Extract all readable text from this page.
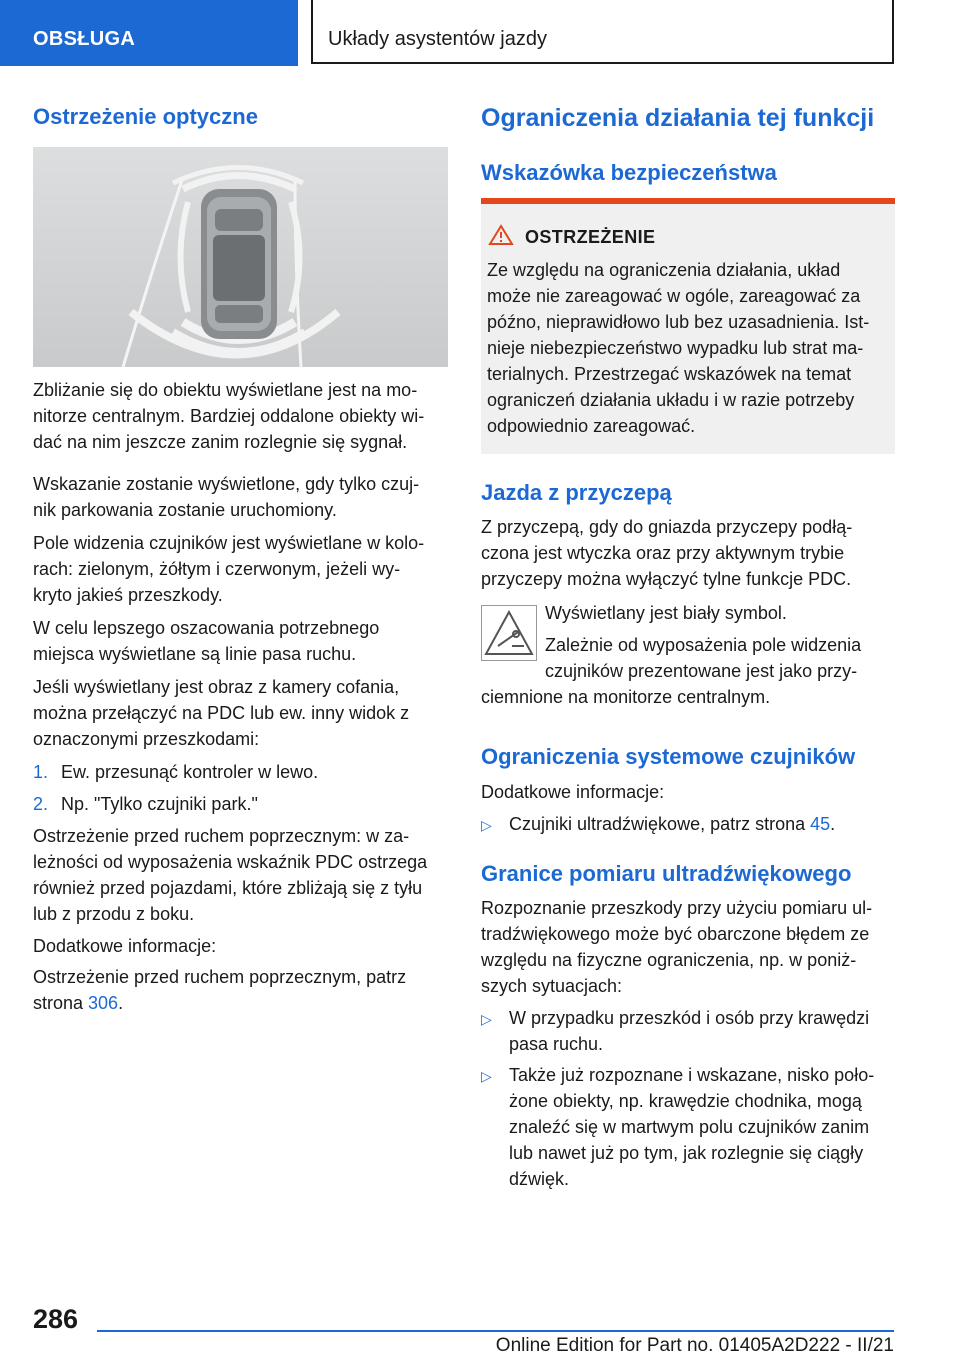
OBSŁUGA	Układy asystentów jazdy
Ostrzeżenie optyczne
Zbliżanie się do obiektu wyświetlane jest na mo-
nitorze centralnym. Bardziej oddalone obiekty wi-
dać na nim jeszcze zanim rozlegnie się sygnał.
Wskazanie zostanie wyświetlone, gdy tylko czuj-
nik parkowania zostanie uruchomiony.
Pole widzenia czujników jest wyświetlane w kolo-
rach: zielonym, żółtym i czerwonym, jeżeli wy-
kryto jakieś przeszkody.
W celu lepszego oszacowania potrzebnego
miejsca wyświetlane są linie pasa ruchu.
Jeśli wyświetlany jest obraz z kamery cofania,
można przełączyć na PDC lub ew. inny widok z
oznaczonymi przeszkodami:
1. Ew. przesunąć kontroler w lewo.
2. Np. "Tylko czujniki park."
Ostrzeżenie przed ruchem poprzecznym: w za-
leżności od wyposażenia wskaźnik PDC ostrzega
również przed pojazdami, które zbliżają się z tyłu
lub z przodu z boku.
Dodatkowe informacje:
Ostrzeżenie przed ruchem poprzecznym, patrz
strona 306.
Ograniczenia działania tej funkcji
Wskazówka bezpieczeństwa
OSTRZEŻENIE
Ze względu na ograniczenia działania, układ
może nie zareagować w ogóle, zareagować za
późno, nieprawidłowo lub bez uzasadnienia. Ist-
nieje niebezpieczeństwo wypadku lub strat ma-
terialnych. Przestrzegać wskazówek na temat
ograniczeń działania układu i w razie potrzeby
odpowiednio zareagować.
Jazda z przyczepą
Z przyczepą, gdy do gniazda przyczepy podłą-
czona jest wtyczka oraz przy aktywnym trybie
przyczepy można wyłączyć tylne funkcje PDC.
Wyświetlany jest biały symbol.
Zależnie od wyposażenia pole widzenia
czujników prezentowane jest jako przy-
ciemnione na monitorze centralnym.
Ograniczenia systemowe czujników
Dodatkowe informacje:
▷ Czujniki ultradźwiękowe, patrz strona 45.
Granice pomiaru ultradźwiękowego
Rozpoznanie przeszkody przy użyciu pomiaru ul-
tradźwiękowego może być obarczone błędem ze
względu na fizyczne ograniczenia, np. w poniż-
szych sytuacjach:
▷ W przypadku przeszkód i osób przy krawędzi
pasa ruchu.
▷ Także już rozpoznane i wskazane, nisko poło-
żone obiekty, np. krawędzie chodnika, mogą
znaleźć się w martwym polu czujników zanim
lub nawet już po tym, jak rozlegnie się ciągły
dźwięk.
286
Online Edition for Part no. 01405A2D222 - II/21
